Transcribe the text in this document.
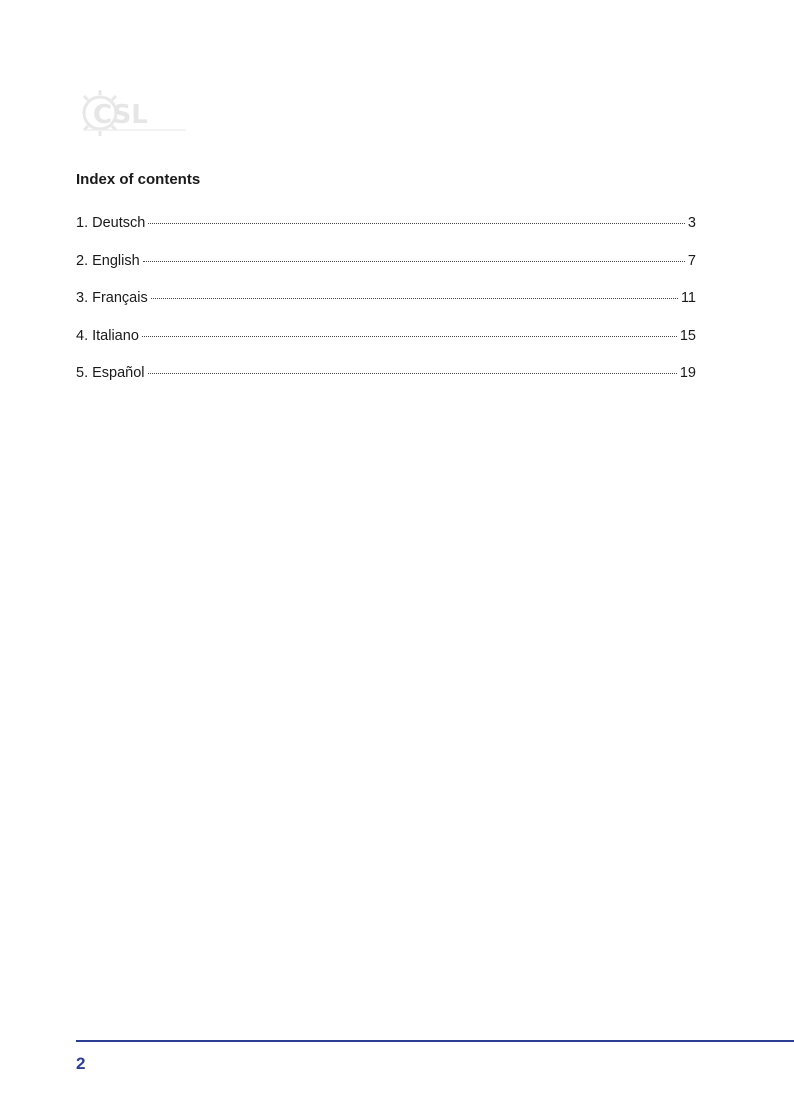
CSL
Index of contents
1. Deutsch	3
2. English	7
3. Français	11
4. Italiano	15
5. Español	19
2
